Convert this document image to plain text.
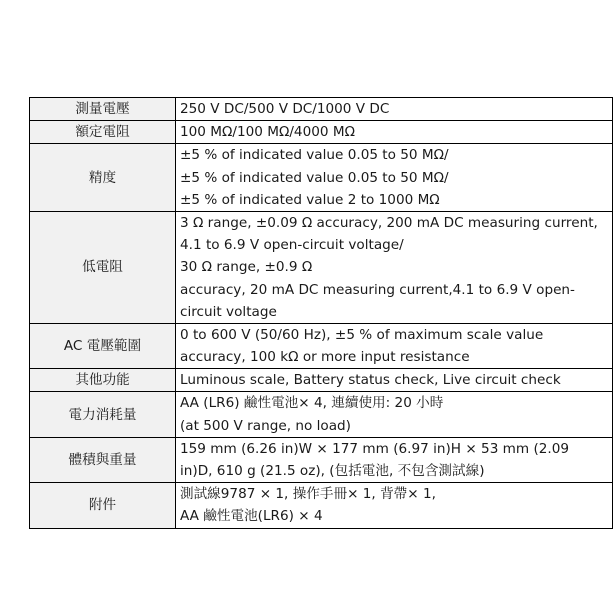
測量電壓	250 V DC/500 V DC/1000 V DC

額定電阻	100 MΩ/100 MΩ/4000 MΩ

精度	±5 % of indicated value 0.05 to 50 MΩ/
±5 % of indicated value 0.05 to 50 MΩ/
±5 % of indicated value 2 to 1000 MΩ

低電阻	3 Ω range, ±0.09 Ω accuracy, 200 mA DC measuring current,
4.1 to 6.9 V open-circuit voltage/
30 Ω range, ±0.9 Ω
accuracy, 20 mA DC measuring current,4.1 to 6.9 V open-
circuit voltage

AC 電壓範圍	0 to 600 V (50/60 Hz), ±5 % of maximum scale value
accuracy, 100 kΩ or more input resistance

其他功能	Luminous scale, Battery status check, Live circuit check

電力消耗量	AA (LR6) 鹼性電池× 4, 連續使用: 20 小時
(at 500 V range, no load)

體積與重量	159 mm (6.26 in)W × 177 mm (6.97 in)H × 53 mm (2.09
in)D, 610 g (21.5 oz), (包括電池, 不包含測試線)

附件	測試線9787 × 1, 操作手冊× 1, 背帶× 1,
AA 鹼性電池(LR6) × 4
